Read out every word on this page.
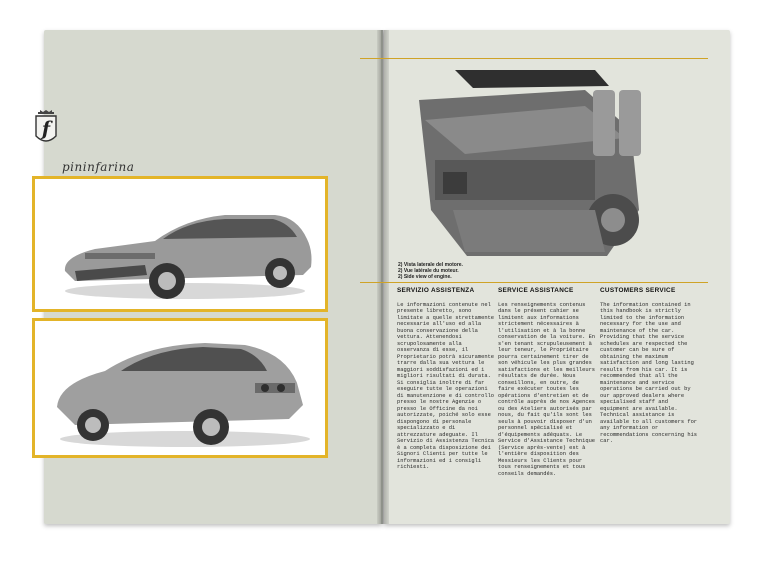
f
pininfarina
2) Vista laterale del motore.
2) Vue latérale du moteur.
2) Side view of engine.
SERVIZIO ASSISTENZA

Le informazioni contenute nel presente libretto, sono limitate a quelle strettamente necessarie all'uso ed alla buona conservazione della vettura. Attenendosi scrupolosamente alla osservanza di esse, il Proprietario potrà sicuramente trarre dalla sua vettura le maggiori soddisfazioni ed i migliori risultati di durata. Si consiglia inoltre di far eseguire tutte le operazioni di manutenzione e di controllo presso le nostre Agenzie o presso le Officine da noi autorizzate, poiché solo esse dispongono di personale specializzato e di attrezzature adeguate. Il Servizio di Assistenza Tecnica è a completa disposizione dei Signori Clienti per tutte le informazioni ed i consigli richiesti.

SERVICE ASSISTANCE

Les renseignements contenus dans le présent cahier se limitent aux informations strictement nécessaires à l'utilisation et à la bonne conservation de la voiture. En s'en tenant scrupuleusement à leur teneur, le Propriétaire pourra certainement tirer de son véhicule les plus grandes satisfactions et les meilleurs résultats de durée. Nous conseillons, en outre, de faire exécuter toutes les opérations d'entretien et de contrôle auprès de nos Agences ou des Ateliers autorisés par nous, du fait qu'ils sont les seuls à pouvoir disposer d'un personnel spécialisé et d'équipements adéquats. Le Service d'Assistance Technique (Service après-vente) est à l'entière disposition des Messieurs les Clients pour tous renseignements et tous conseils demandés.

CUSTOMERS SERVICE

The information contained in this handbook is strictly limited to the information necessary for the use and maintenance of the car. Providing that the service schedules are respected the customer can be sure of obtaining the maximum satisfaction and long lasting results from his car. It is recommended that all the maintenance and service operations be carried out by our approved dealers where specialised staff and equipment are available. Technical assistance is available to all customers for any information or recommendations concerning his car.
